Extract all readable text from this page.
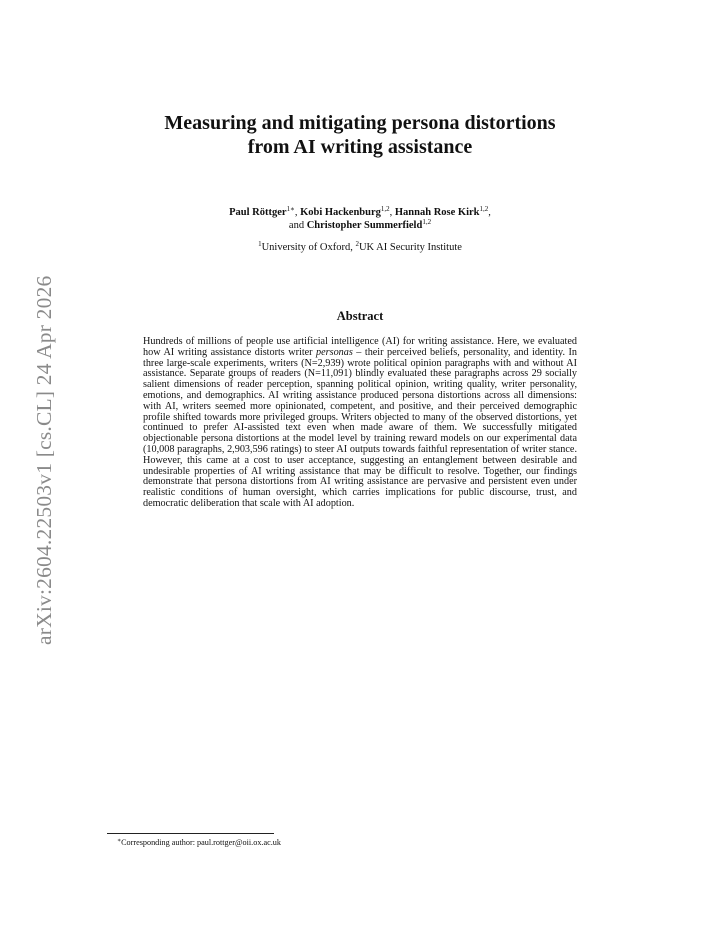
arXiv:2604.22503v1 [cs.CL] 24 Apr 2026
Measuring and mitigating persona distortions
from AI writing assistance
Paul Röttger$^{1∗}$, Kobi Hackenburg$^{1,2}$, Hannah Rose Kirk$^{1,2}$,
and Christopher Summerfield$^{1,2}$
$^1$University of Oxford, $^2$UK AI Security Institute
Abstract
Hundreds of millions of people use artificial intelligence (AI) for writing assistance. Here, we evaluated how AI writing assistance distorts writer personas – their perceived beliefs, personality, and identity. In three large-scale experiments, writers (N=2,939) wrote political opinion paragraphs with and without AI assistance. Separate groups of readers (N=11,091) blindly evaluated these paragraphs across 29 socially salient dimensions of reader perception, spanning political opinion, writing quality, writer personality, emotions, and demographics. AI writing assistance produced persona distortions across all dimensions: with AI, writers seemed more opinionated, competent, and positive, and their perceived demographic profile shifted towards more privileged groups. Writers objected to many of the observed distortions, yet continued to prefer AI-assisted text even when made aware of them. We successfully mitigated objectionable persona distortions at the model level by training reward models on our experimental data (10,008 paragraphs, 2,903,596 ratings) to steer AI outputs towards faithful representation of writer stance. However, this came at a cost to user acceptance, suggesting an entanglement between desirable and undesirable properties of AI writing assistance that may be difficult to resolve. Together, our findings demonstrate that persona distortions from AI writing assistance are pervasive and persistent even under realistic conditions of human oversight, which carries implications for public discourse, trust, and democratic deliberation that scale with AI adoption.
∗Corresponding author: paul.rottger@oii.ox.ac.uk
